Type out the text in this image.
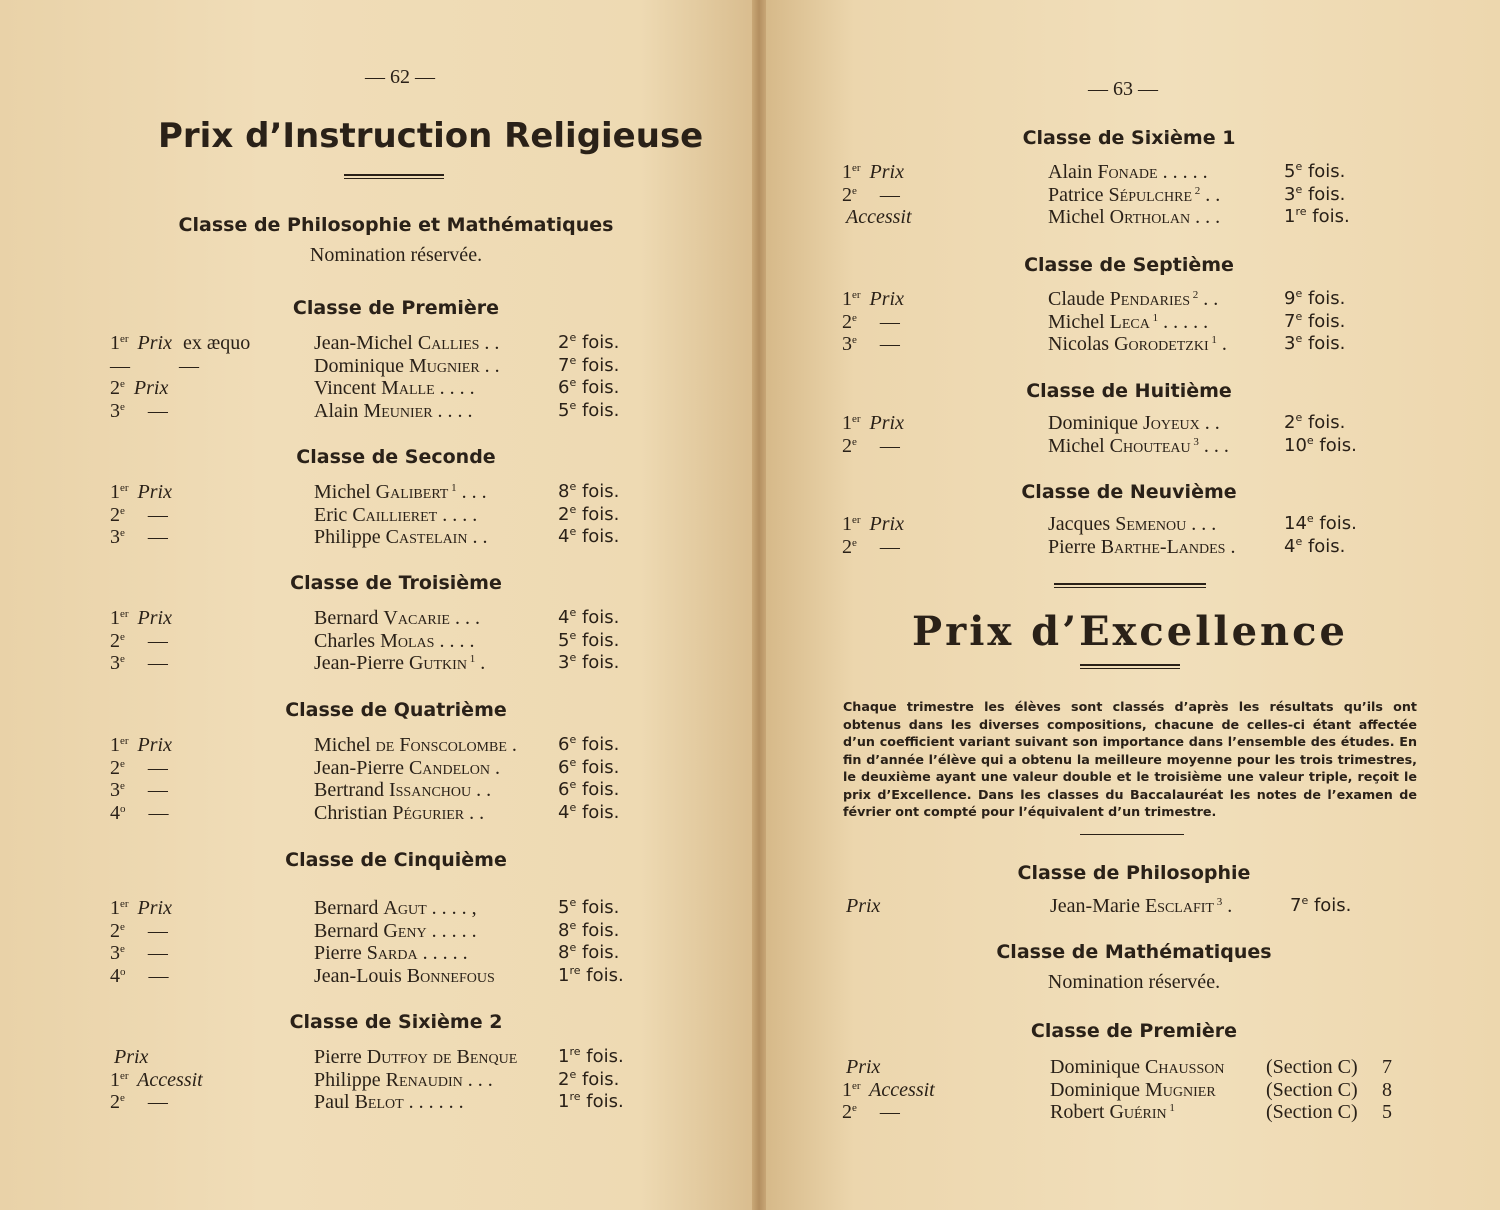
— 62 —
Prix d’Instruction Religieuse
— 63 —
Prix d’Excellence
Chaque trimestre les élèves sont classés d’après les résultats qu’ils ont obtenus dans les diverses compositions, chacune de celles-ci étant affectée d’un coefficient variant suivant son importance dans l’ensemble des études. En fin d’année l’élève qui a obtenu la meilleure moyenne pour les trois trimestres, le deuxième ayant une valeur double et le troisième une valeur triple, reçoit le prix d’Excellence. Dans les classes du Baccalauréat les notes de l’examen de février ont compté pour l’équivalent d’un trimestre.
Classe de Philosophie et Mathématiques
Nomination réservée.
Classe de Première
1er Prix ex æquo	Jean-Michel Callies . .	2e fois.
— —	Dominique Mugnier . .	7e fois.
2e Prix	Vincent Malle . . . .	6e fois.
3e —	Alain Meunier . . . .	5e fois.
Classe de Seconde
1er Prix	Michel Galibert $^1$ . . .	8e fois.
2e —	Eric Caillieret . . . .	2e fois.
3e —	Philippe Castelain . .	4e fois.
Classe de Troisième
1er Prix	Bernard Vacarie . . .	4e fois.
2e —	Charles Molas . . . .	5e fois.
3e —	Jean-Pierre Gutkin $^1$ .	3e fois.
Classe de Quatrième
1er Prix	Michel de Fonscolombe . 6e fois.
2e —	Jean-Pierre Candelon .	6e fois.
3e —	Bertrand Issanchou . .	6e fois.
4$^o$ —	Christian Pégurier . .	4e fois.
Classe de Cinquième
1er Prix	Bernard Agut . . . . ,	5e fois.
2e —	Bernard Geny . . . . .	8e fois.
3e —	Pierre Sarda . . . . .	8e fois.
4$^o$ —	Jean-Louis Bonnefous	1re fois.
Classe de Sixième 2
Prix	Pierre Dutfoy de Benque 1re fois.
1er Accessit	Philippe Renaudin . . .	2e fois.
2e —	Paul Belot . . . . . .	1re fois.
Classe de Sixième 1
1er Prix	Alain Fonade . . . . .	5e fois.
2e —	Patrice Sépulchre $^2$ . .	3e fois.
Accessit	Michel Ortholan . . .	1re fois.
Classe de Septième
1er Prix	Claude Pendaries $^2$ . .	9e fois.
2e —	Michel Leca $^1$ . . . . .	7e fois.
3e —	Nicolas Gorodetzki $^1$ .	3e fois.
Classe de Huitième
1er Prix	Dominique Joyeux . .	2e fois.
2e —	Michel Chouteau $^3$ . . .	10e fois.
Classe de Neuvième
1er Prix	Jacques Semenou . . .	14e fois.
2e —	Pierre Barthe-Landes .	4e fois.
Classe de Philosophie
Prix	Jean-Marie Esclafit $^3$ .	7e fois.
Classe de Mathématiques
Nomination réservée.
Classe de Première
Prix	Dominique Chausson (Section C) 7
1er Accessit	Dominique Mugnier	(Section C) 8
2e —	Robert Guérin $^1$	(Section C) 5
